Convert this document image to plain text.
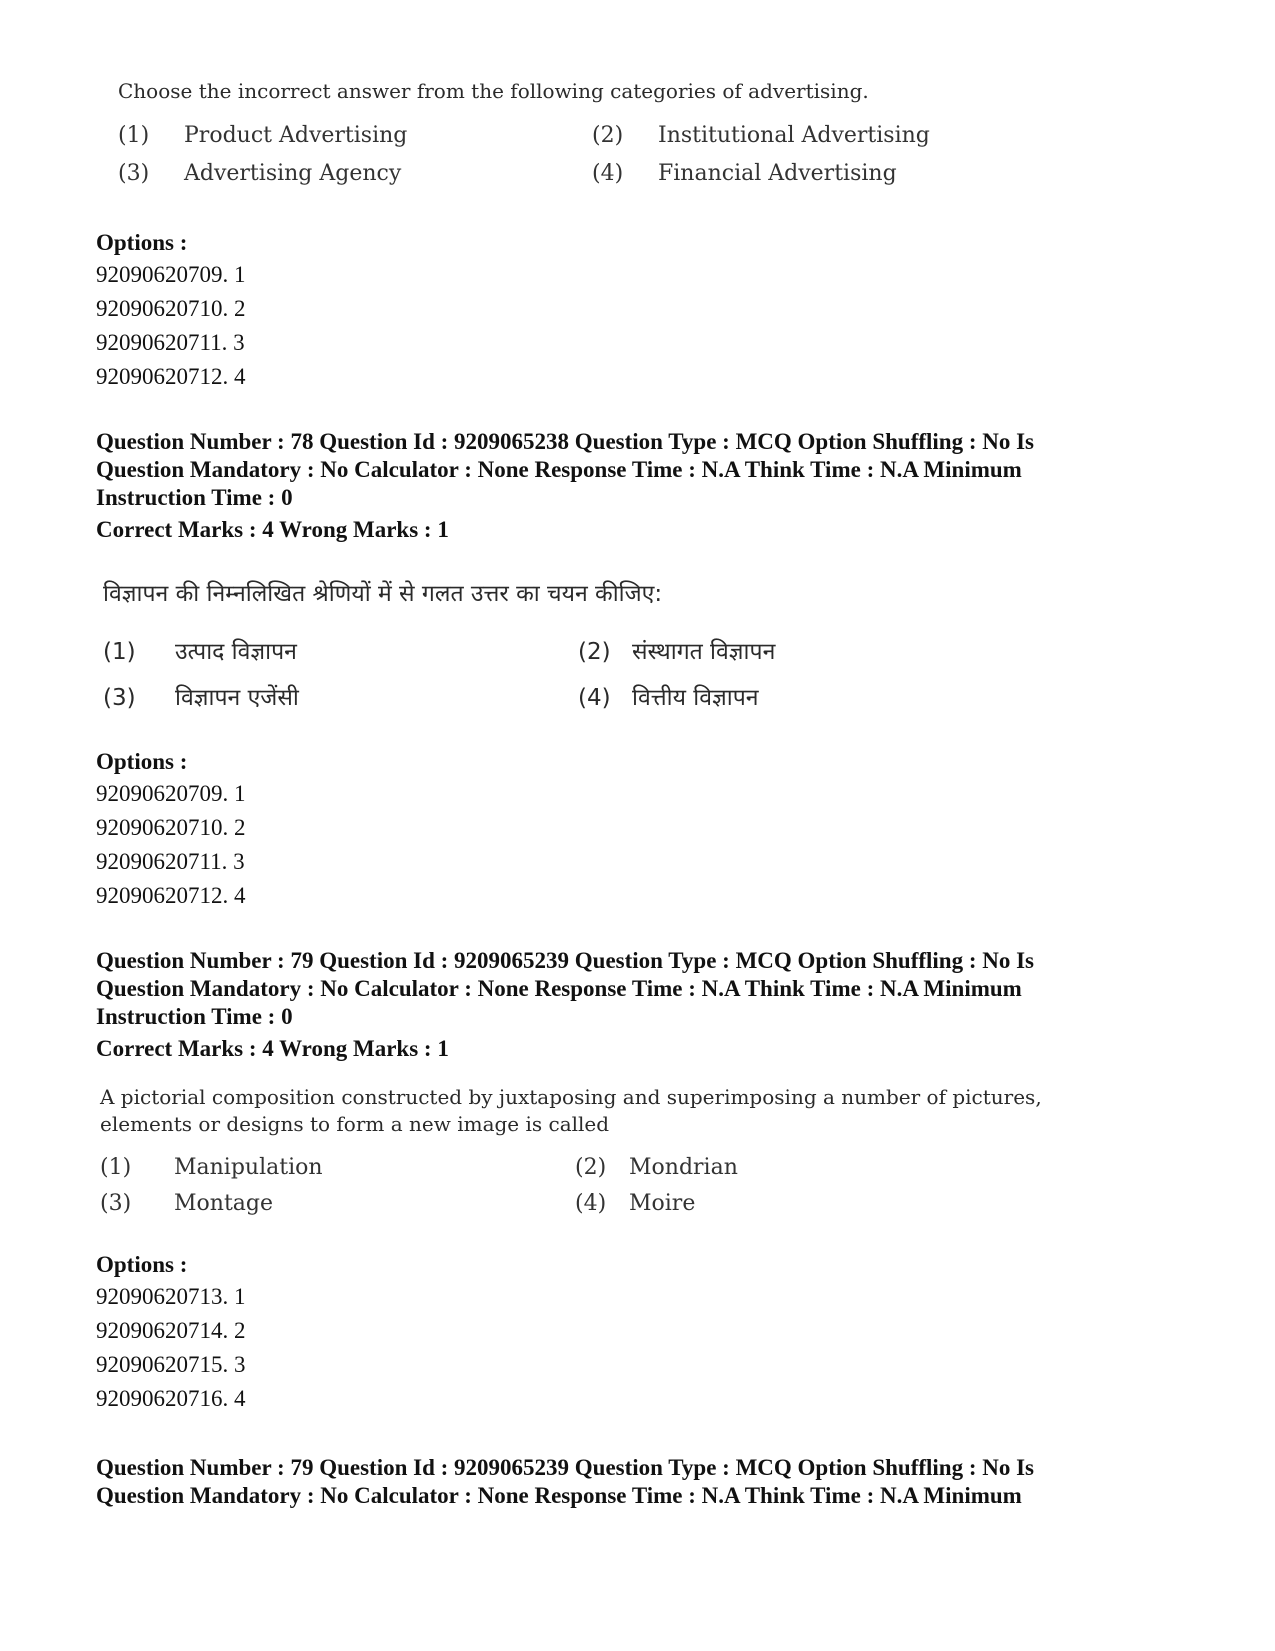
Choose the incorrect answer from the following categories of advertising.
(1) Product Advertising	(2) Institutional Advertising
(3) Advertising Agency	(4) Financial Advertising
Options :
92090620709. 1
92090620710. 2
92090620711. 3
92090620712. 4
Question Number : 78 Question Id : 9209065238 Question Type : MCQ Option Shuffling : No Is
Question Mandatory : No Calculator : None Response Time : N.A Think Time : N.A Minimum
Instruction Time : 0
Correct Marks : 4 Wrong Marks : 1
विज्ञापन की निम्नलिखित श्रेणियों में से गलत उत्तर का चयन कीजिए:
(1) उत्पाद विज्ञापन	(2) संस्थागत विज्ञापन
(3) विज्ञापन एजेंसी	(4) वित्तीय विज्ञापन
Options :
92090620709. 1
92090620710. 2
92090620711. 3
92090620712. 4
Question Number : 79 Question Id : 9209065239 Question Type : MCQ Option Shuffling : No Is
Question Mandatory : No Calculator : None Response Time : N.A Think Time : N.A Minimum
Instruction Time : 0
Correct Marks : 4 Wrong Marks : 1
A pictorial composition constructed by juxtaposing and superimposing a number of pictures,
elements or designs to form a new image is called
(1) Manipulation	(2) Mondrian
(3) Montage	(4) Moire
Options :
92090620713. 1
92090620714. 2
92090620715. 3
92090620716. 4
Question Number : 79 Question Id : 9209065239 Question Type : MCQ Option Shuffling : No Is
Question Mandatory : No Calculator : None Response Time : N.A Think Time : N.A Minimum
